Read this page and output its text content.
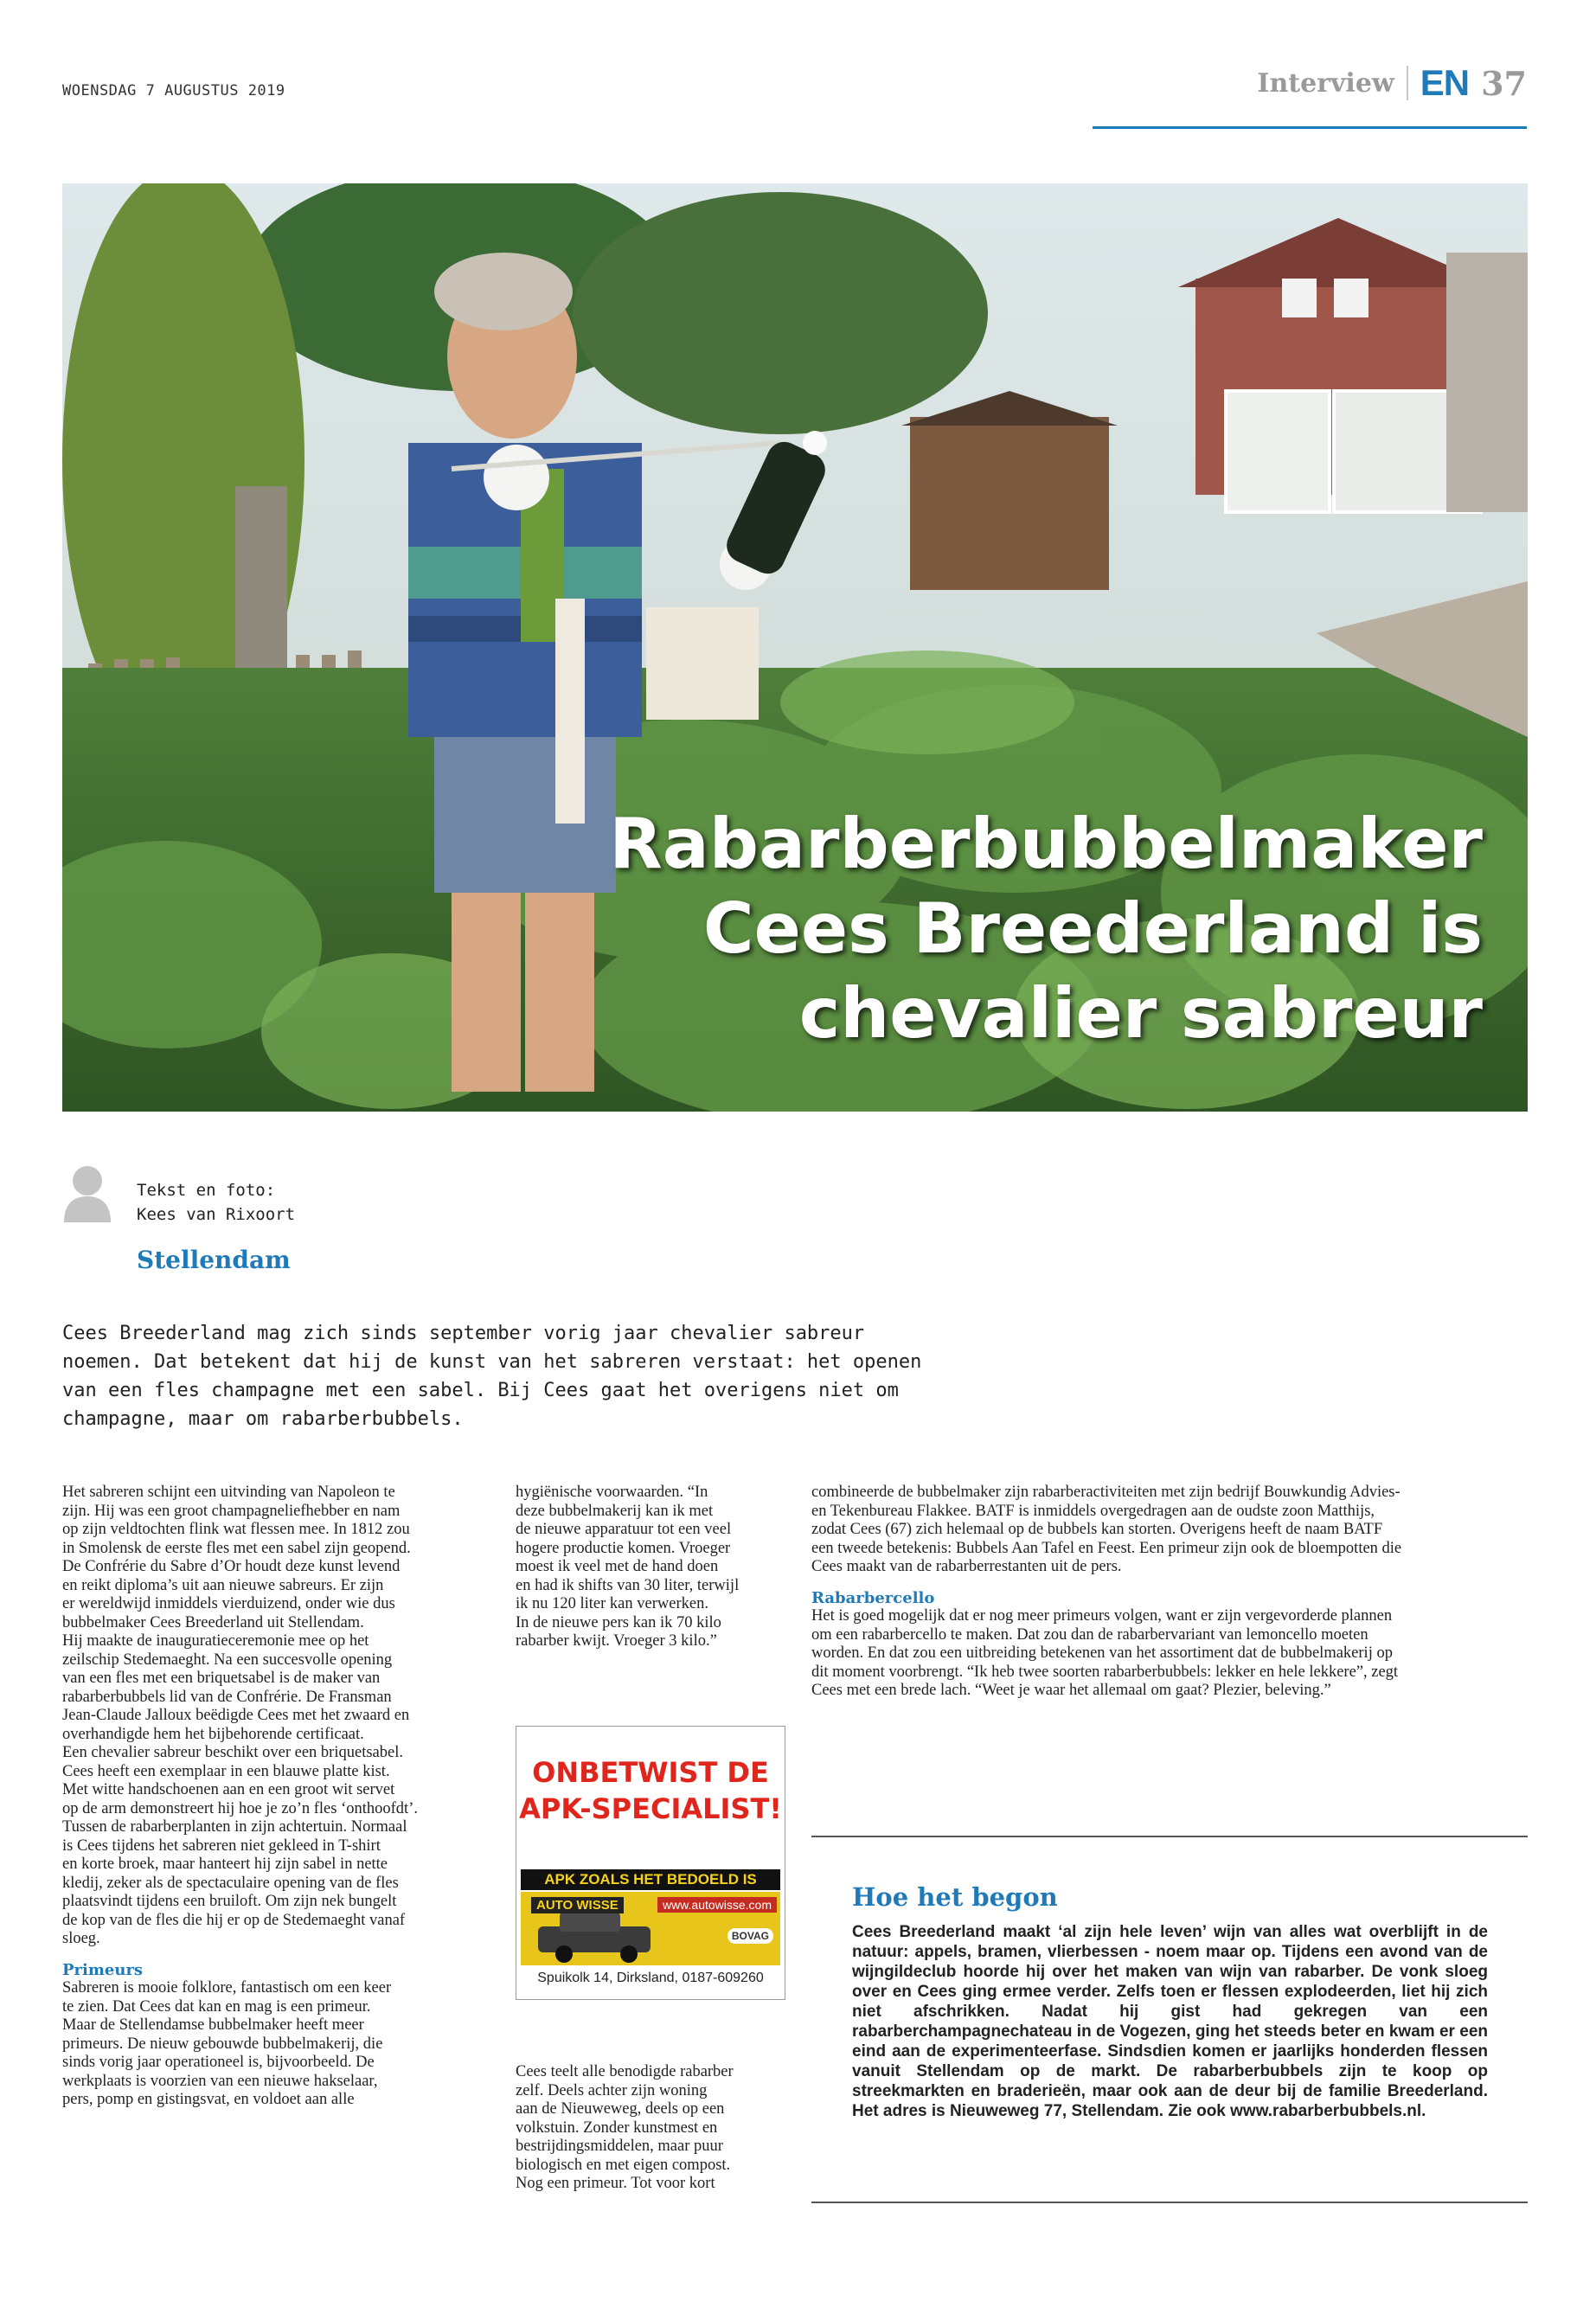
WOENSDAG 7 AUGUSTUS 2019	Interview EN 37
Rabarberbubbelmaker
Cees Breederland is
chevalier sabreur
Tekst en foto:
Kees van Rixoort
Stellendam

Cees Breederland mag zich sinds september vorig jaar chevalier sabreur

noemen. Dat betekent dat hij de kunst van het sabreren verstaat: het openen

van een fles champagne met een sabel. Bij Cees gaat het overigens niet om

champagne, maar om rabarberbubbels.

Het sabreren schijnt een uitvinding van Napoleon te

zijn. Hij was een groot champagneliefhebber en nam

op zijn veldtochten flink wat flessen mee. In 1812 zou

in Smolensk de eerste fles met een sabel zijn geopend.

De Confrérie du Sabre d’Or houdt deze kunst levend

en reikt diploma’s uit aan nieuwe sabreurs. Er zijn

er wereldwijd inmiddels vierduizend, onder wie dus

bubbelmaker Cees Breederland uit Stellendam.

Hij maakte de inauguratieceremonie mee op het

zeilschip Stedemaeght. Na een succesvolle opening

van een fles met een briquetsabel is de maker van

rabarberbubbels lid van de Confrérie. De Fransman

Jean-Claude Jalloux beëdigde Cees met het zwaard en

overhandigde hem het bijbehorende certificaat.

Een chevalier sabreur beschikt over een briquetsabel.

Cees heeft een exemplaar in een blauwe platte kist.

Met witte handschoenen aan en een groot wit servet

op de arm demonstreert hij hoe je zo’n fles ‘onthoofdt’.

Tussen de rabarberplanten in zijn achtertuin. Normaal

is Cees tijdens het sabreren niet gekleed in T-shirt

en korte broek, maar hanteert hij zijn sabel in nette

kledij, zeker als de spectaculaire opening van de fles

plaatsvindt tijdens een bruiloft. Om zijn nek bungelt

de kop van de fles die hij er op de Stedemaeght vanaf

sloeg.

Primeurs

Sabreren is mooie folklore, fantastisch om een keer

te zien. Dat Cees dat kan en mag is een primeur.

Maar de Stellendamse bubbelmaker heeft meer

primeurs. De nieuw gebouwde bubbelmakerij, die

sinds vorig jaar operationeel is, bijvoorbeeld. De

werkplaats is voorzien van een nieuwe hakselaar,

pers, pomp en gistingsvat, en voldoet aan alle

hygiënische voorwaarden. “In

deze bubbelmakerij kan ik met

de nieuwe apparatuur tot een veel

hogere productie komen. Vroeger

moest ik veel met de hand doen

en had ik shifts van 30 liter, terwijl

ik nu 120 liter kan verwerken.

In de nieuwe pers kan ik 70 kilo

rabarber kwijt. Vroeger 3 kilo.”

ONBETWIST DE
APK-SPECIALIST!
APK ZOALS HET BEDOELD IS
AUTO WISSE	www.autowisse.com
BOVAG
Spuikolk 14, Dirksland, 0187-609260

Cees teelt alle benodigde rabarber

zelf. Deels achter zijn woning

aan de Nieuweweg, deels op een

volkstuin. Zonder kunstmest en

bestrijdingsmiddelen, maar puur

biologisch en met eigen compost.

Nog een primeur. Tot voor kort

combineerde de bubbelmaker zijn rabarberactiviteiten met zijn bedrijf Bouwkundig Advies-

en Tekenbureau Flakkee. BATF is inmiddels overgedragen aan de oudste zoon Matthijs,

zodat Cees (67) zich helemaal op de bubbels kan storten. Overigens heeft de naam BATF

een tweede betekenis: Bubbels Aan Tafel en Feest. Een primeur zijn ook de bloempotten die

Cees maakt van de rabarberrestanten uit de pers.

Rabarbercello

Het is goed mogelijk dat er nog meer primeurs volgen, want er zijn vergevorderde plannen

om een rabarbercello te maken. Dat zou dan de rabarbervariant van lemoncello moeten

worden. En dat zou een uitbreiding betekenen van het assortiment dat de bubbelmakerij op

dit moment voorbrengt. “Ik heb twee soorten rabarberbubbels: lekker en hele lekkere”, zegt

Cees met een brede lach. “Weet je waar het allemaal om gaat? Plezier, beleving.”

Hoe het begon

Cees Breederland maakt ‘al zijn hele leven’ wijn van alles wat overblijft in de natuur: appels, bramen, vlierbessen - noem maar op. Tijdens een avond van de wijngildeclub hoorde hij over het maken van wijn van rabarber. De vonk sloeg over en Cees ging ermee verder. Zelfs toen er flessen explodeerden, liet hij zich niet afschrikken. Nadat hij gist had gekregen van een rabarberchampagnechateau in de Vogezen, ging het steeds beter en kwam er een eind aan de experimenteerfase. Sindsdien komen er jaarlijks honderden flessen vanuit Stellendam op de markt. De rabarberbubbels zijn te koop op streekmarkten en braderieën, maar ook aan de deur bij de familie Breederland. Het adres is Nieuweweg 77, Stellendam. Zie ook www.rabarberbubbels.nl.
